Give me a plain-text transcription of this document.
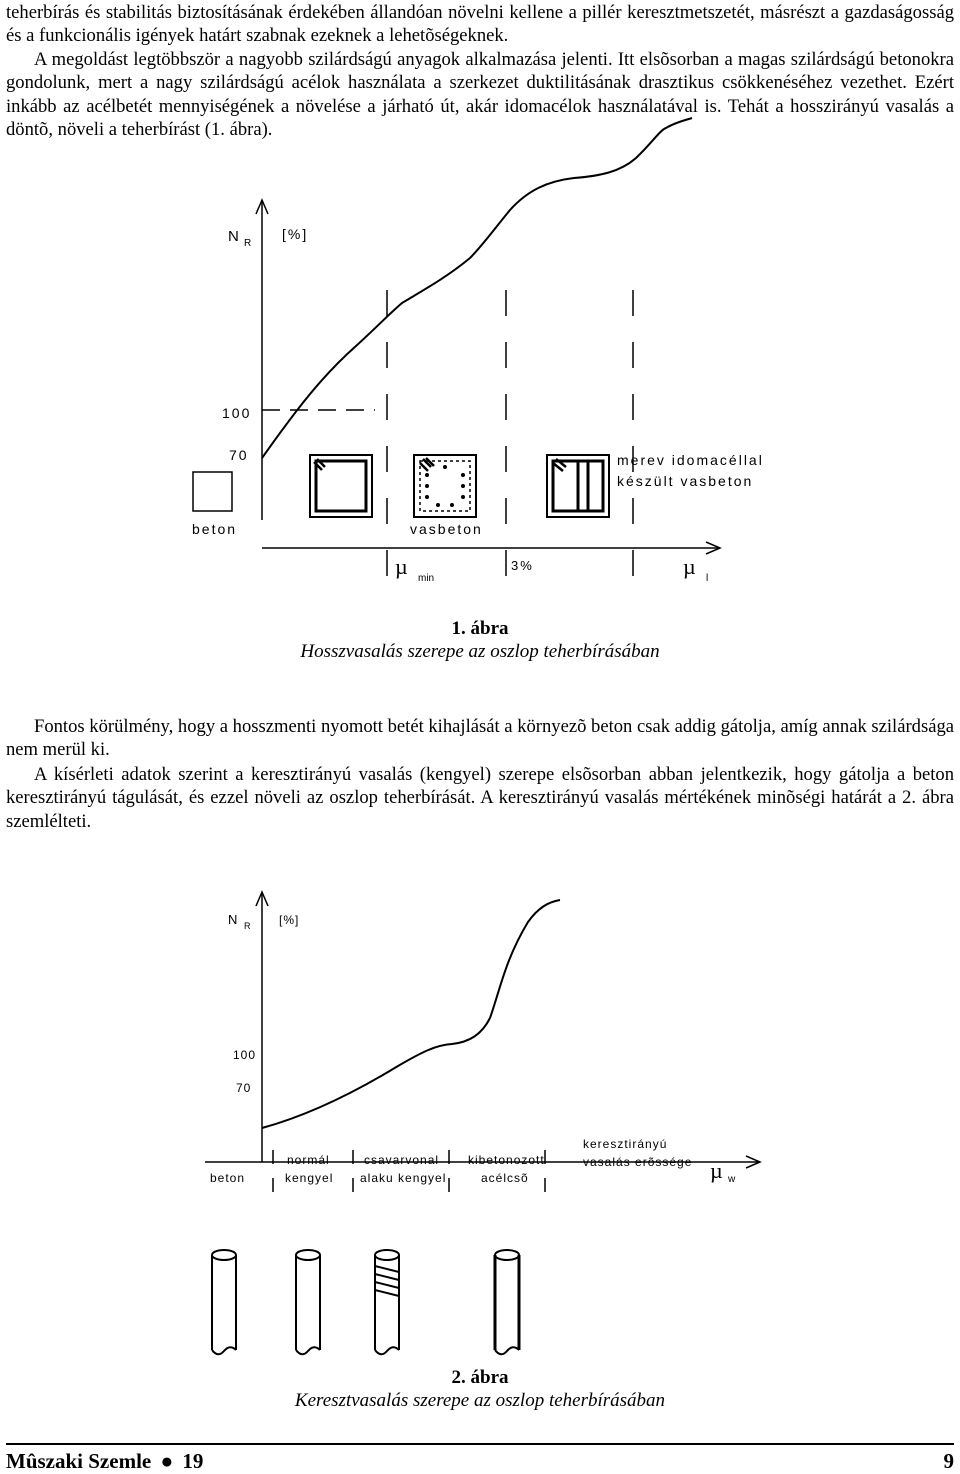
teherbírás és stabilitás biztosításának érdekében állandóan növelni kellene a pillér keresztmetszetét, másrészt a gazdaságosság és a funkcionális igények határt szabnak ezeknek a lehetõségeknek.

A megoldást legtöbbször a nagyobb szilárdságú anyagok alkalmazása jelenti. Itt elsõsorban a magas szilárdságú betonokra gondolunk, mert a nagy szilárdságú acélok használata a szerkezet duktilitásának drasztikus csökkenéséhez vezethet. Ezért inkább az acélbetét mennyiségének a növelése a járható út, akár idomacélok használatával is. Tehát a hosszirányú vasalás a döntõ, növeli a teherbírást (1. ábra).

N R
[%]
100
70	merev idomacéllal
készült vasbeton
beton	vasbeton
µ min
3%	µ l
1. ábra
Hosszvasalás szerepe az oszlop teherbírásában

Fontos körülmény, hogy a hosszmenti nyomott betét kihajlását a környezõ beton csak addig gátolja, amíg annak szilárdsága nem merül ki.

A kísérleti adatok szerint a keresztirányú vasalás (kengyel) szerepe elsõsorban abban jelentkezik, hogy gátolja a beton keresztirányú tágulását, és ezzel növeli az oszlop teherbírását. A keresztirányú vasalás mértékének minõségi határát a 2. ábra szemlélteti.

N R [%]
100
70
beton
normál
kengyel
csavarvonal
alaku kengyel
kibetonozott
acélcsõ
keresztirányú
vasalás erõssége µ w
2. ábra
Keresztvasalás szerepe az oszlop teherbírásában
Mûszaki Szemle ● 19	9
